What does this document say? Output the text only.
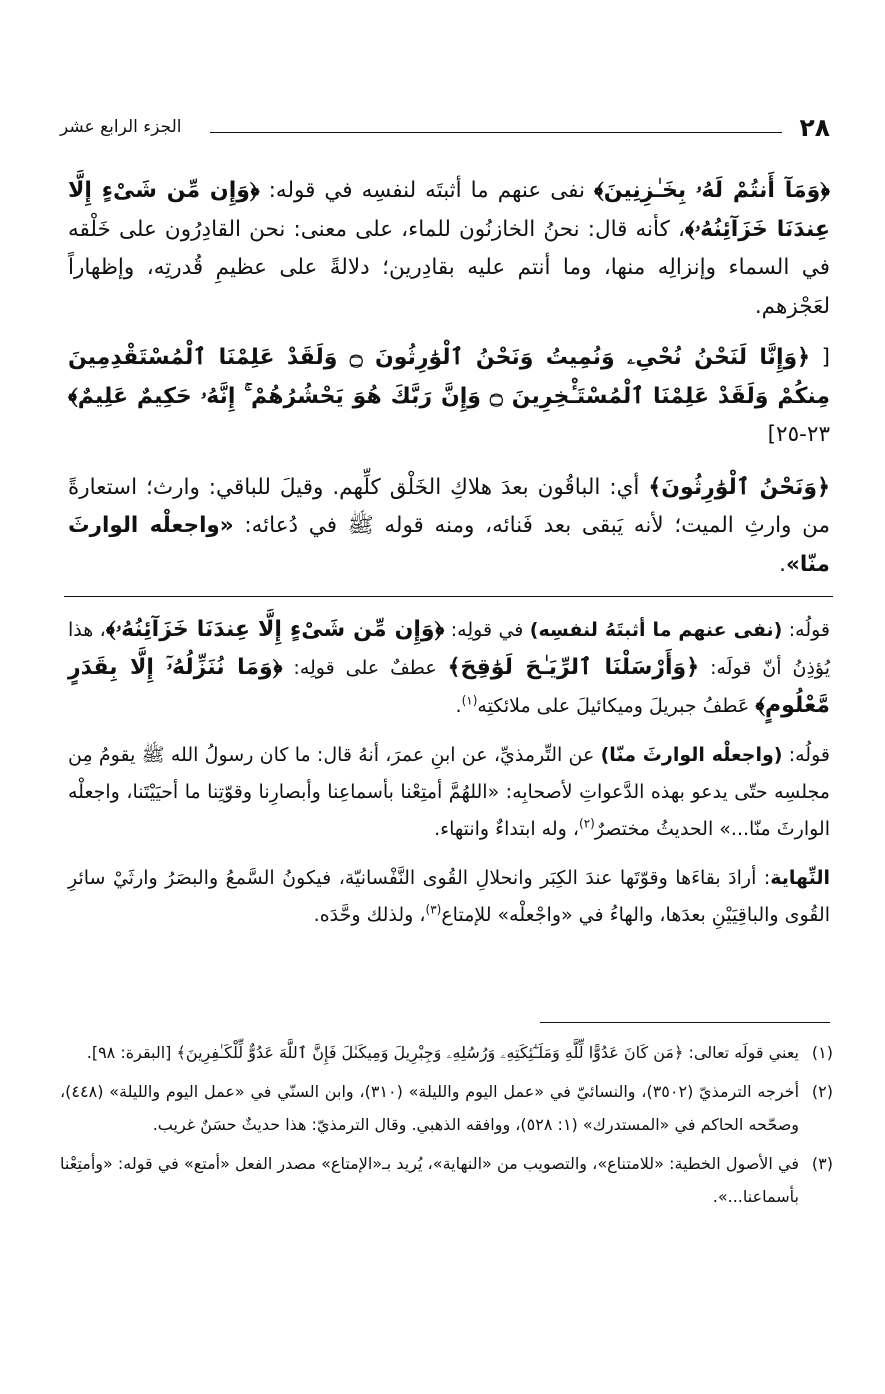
٢٨
الجزء الرابع عشر

﴿وَمَآ أَنتُمْ لَهُۥ بِخَـٰزِنِينَ﴾ نفى عنهم ما أثبتَه لنفسِه في قوله: ﴿وَإِن مِّن شَىْءٍ إِلَّا عِندَنَا خَزَآئِنُهُۥ﴾، كأنه قال: نحنُ الخازنُون للماء، على معنى: نحن القادِرُون على خَلْقه في السماء وإنزالِه منها، وما أنتم عليه بقادِرين؛ دلالةً على عظيمِ قُدرتِه، وإظهاراً لعَجْزهم.

[ ﴿وَإِنَّا لَنَحْنُ نُحْىِۦ وَنُمِيتُ وَنَحْنُ ٱلْوَٰرِثُونَ ۝ وَلَقَدْ عَلِمْنَا ٱلْمُسْتَقْدِمِينَ مِنكُمْ وَلَقَدْ عَلِمْنَا ٱلْمُسْتَـْٔخِرِينَ ۝ وَإِنَّ رَبَّكَ هُوَ يَحْشُرُهُمْ ۚ إِنَّهُۥ حَكِيمٌ عَلِيمٌ﴾ ٢٣-٢٥]

﴿وَنَحْنُ ٱلْوَٰرِثُونَ﴾ أي: الباقُون بعدَ هلاكِ الخَلْق كلِّهم. وقيلَ للباقي: وارث؛ استعارةً من وارثِ الميت؛ لأنه يَبقى بعد فَنائه، ومنه قوله ﷺ في دُعائه: «واجعلْه الوارثَ منّا».

قولُه: (نفى عنهم ما أثبتَهُ لنفسِه) في قولِه: ﴿وَإِن مِّن شَىْءٍ إِلَّا عِندَنَا خَزَآئِنُهُۥ﴾، هذا يُؤذِنُ أنّ قولَه: ﴿وَأَرْسَلْنَا ٱلرِّيَـٰحَ لَوَٰقِحَ﴾ عطفٌ على قولِه: ﴿وَمَا نُنَزِّلُهُۥٓ إِلَّا بِقَدَرٍ مَّعْلُومٍ﴾ عَطفُ جبريلَ وميكائيلَ على ملائكتِه$^{(١)}$.

قولُه: (واجعلْه الوارثَ منّا) عن التِّرمذيِّ، عن ابنِ عمرَ، أنهُ قال: ما كان رسولُ الله ﷺ يقومُ مِن مجلسِه حتّى يدعو بهذه الدَّعواتِ لأصحابِه: «اللهُمَّ أمتِعْنا بأسماعِنا وأبصارِنا وقوّتِنا ما أحيَيْتَنا، واجعلْه الوارثَ منّا...» الحديثُ مختصرٌ$^{(٢)}$، وله ابتداءٌ وانتهاء.

النِّهاية: أرادَ بقاءَها وقوّتَها عندَ الكِبَر وانحلالِ القُوى النَّفْسانيّة، فيكونُ السَّمعُ والبصَرُ وارثَيْ سائرِ القُوى والباقِيَيْنِ بعدَها، والهاءُ في «واجْعلْه» للإمتاع$^{(٣)}$، ولذلك وحَّدَه.

(١)
يعني قولَه تعالى: ﴿مَن كَانَ عَدُوًّا لِّلَّهِ وَمَلَـٰٓئِكَتِهِۦ وَرُسُلِهِۦ وَجِبْرِيلَ وَمِيكَىٰلَ فَإِنَّ ٱللَّهَ عَدُوٌّ لِّلْكَـٰفِرِينَ﴾ [البقرة: ٩٨].
(٢)
أخرجه الترمذيّ (٣٥٠٢)، والنسائيّ في «عمل اليوم والليلة» (٣١٠)، وابن السنّي في «عمل اليوم والليلة» (٤٤٨)، وصحّحه الحاكم في «المستدرك» (١: ٥٢٨)، ووافقه الذهبي. وقال الترمذيّ: هذا حديثٌ حسَنٌ غريب.
(٣)
في الأصول الخطية: «للامتناع»، والتصويب من «النهاية»، يُريد بـ«الإمتاع» مصدر الفعل «أمتع» في قوله: «وأمتِعْنا بأسماعنا...».
